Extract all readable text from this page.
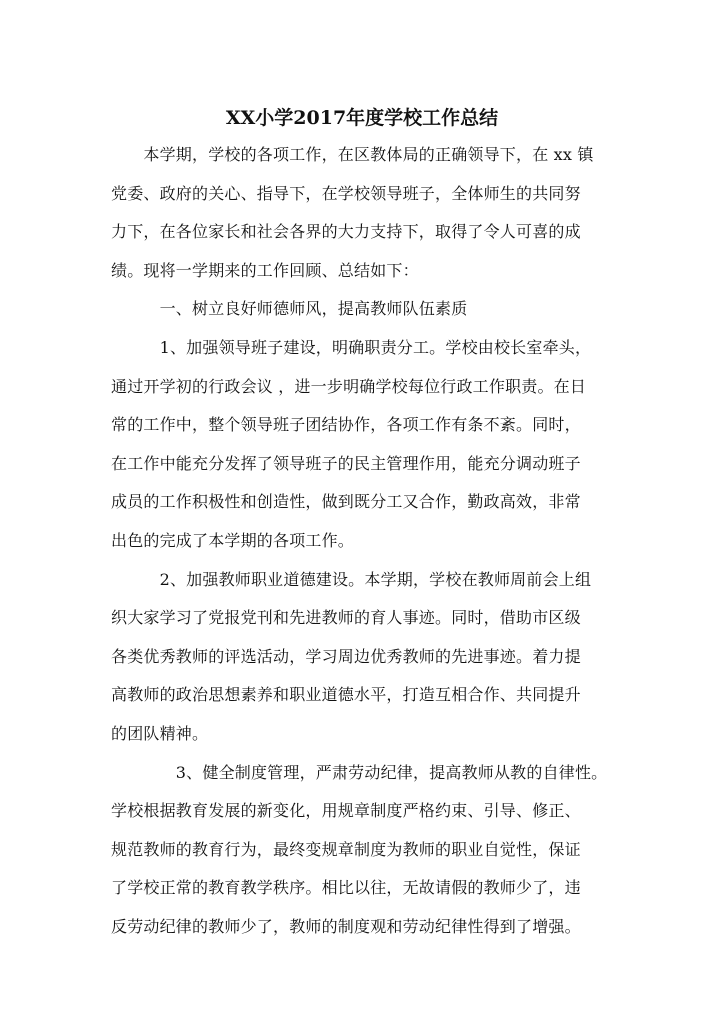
XX小学2017年度学校工作总结
　　本学期，学校的各项工作，在区教体局的正确领导下，在 xx 镇
党委、政府的关心、指导下，在学校领导班子，全体师生的共同努
力下，在各位家长和社会各界的大力支持下，取得了令人可喜的成
绩。现将一学期来的工作回顾、总结如下：
　　　一、树立良好师德师风，提高教师队伍素质
　　　1、加强领导班子建设，明确职责分工。学校由校长室牵头，
通过开学初的行政会议 ，进一步明确学校每位行政工作职责。在日
常的工作中，整个领导班子团结协作，各项工作有条不紊。同时，
在工作中能充分发挥了领导班子的民主管理作用，能充分调动班子
成员的工作积极性和创造性，做到既分工又合作，勤政高效，非常
出色的完成了本学期的各项工作。
　　　2、加强教师职业道德建设。本学期，学校在教师周前会上组
织大家学习了党报党刊和先进教师的育人事迹。同时，借助市区级
各类优秀教师的评选活动，学习周边优秀教师的先进事迹。着力提
高教师的政治思想素养和职业道德水平，打造互相合作、共同提升
的团队精神。
　　　　3、健全制度管理，严肃劳动纪律，提高教师从教的自律性。
学校根据教育发展的新变化，用规章制度严格约束、引导、修正、
规范教师的教育行为，最终变规章制度为教师的职业自觉性，保证
了学校正常的教育教学秩序。相比以往，无故请假的教师少了，违
反劳动纪律的教师少了，教师的制度观和劳动纪律性得到了增强。
